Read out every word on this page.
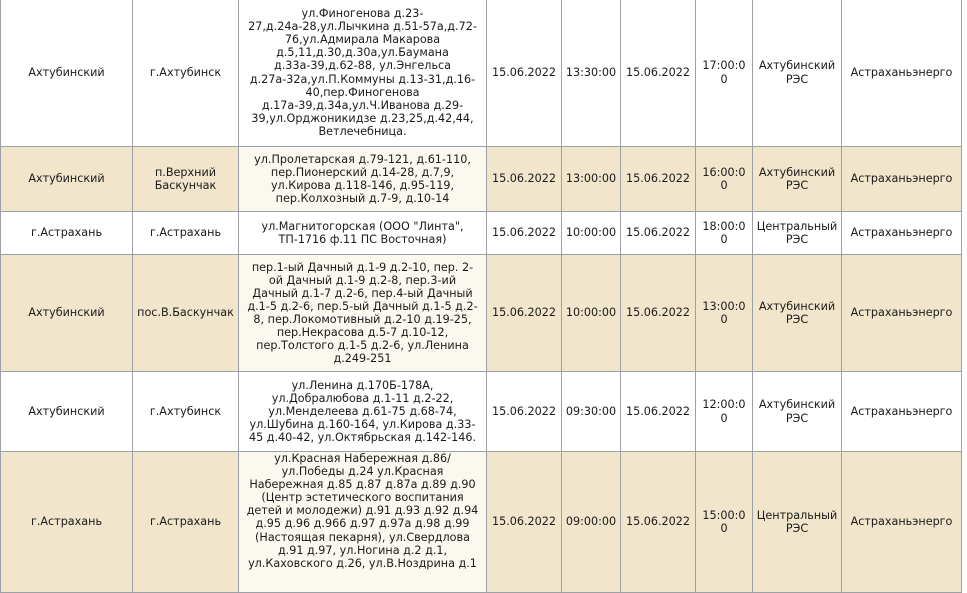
Ахтубинский	г.Ахтубинск	ул.Финогенова д.23-27,д.24а-28,ул.Лычкина д.51-57а,д.72-76,ул.Адмирала Макарова д.5,11,д.30,д.30а,ул.Баумана д.33а-39,д.62-88, ул.Энгельса д.27а-32а,ул.П.Коммуны д.13-31,д.16-40,пер.Финогенова д.17а-39,д.34а,ул.Ч.Иванова д.29-39,ул.Орджоникидзе д.23,25,д.42,44, Ветлечебница.	15.06.2022	13:30:00	15.06.2022	17:00:00	Ахтубинский РЭС	Астраханьэнерго
Ахтубинский	п.Верхний Баскунчак	ул.Пролетарская д.79-121, д.61-110, пер.Пионерский д.14-28, д.7,9, ул.Кирова д.118-146, д.95-119, пер.Колхозный д.7-9, д.10-14	15.06.2022	13:00:00	15.06.2022	16:00:00	Ахтубинский РЭС	Астраханьэнерго
г.Астрахань	г.Астрахань	ул.Магнитогорская (ООО "Линта", ТП-1716 ф.11 ПС Восточная)	15.06.2022	10:00:00	15.06.2022	18:00:00	Центральный РЭС	Астраханьэнерго
Ахтубинский	пос.В.Баскунчак	пер.1-ый Дачный д.1-9 д.2-10, пер. 2-ой Дачный д.1-9 д.2-8, пер.3-ий Дачный д.1-7 д.2-6, пер.4-ый Дачный д.1-5 д.2-6, пер.5-ый Дачный д.1-5 д.2-8, пер.Локомотивный д.2-10 д.19-25, пер.Некрасова д.5-7 д.10-12, пер.Толстого д.1-5 д.2-6, ул.Ленина д.249-251	15.06.2022	10:00:00	15.06.2022	13:00:00	Ахтубинский РЭС	Астраханьэнерго
Ахтубинский	г.Ахтубинск	ул.Ленина д.170Б-178А, ул.Добралюбова д.1-11 д.2-22, ул.Менделеева д.61-75 д.68-74, ул.Шубина д.160-164, ул.Кирова д.33-45 д.40-42, ул.Октябрьская д.142-146.	15.06.2022	09:30:00	15.06.2022	12:00:00	Ахтубинский РЭС	Астраханьэнерго
г.Астрахань	г.Астрахань	ул.Красная Набережная д.86/ ул.Победы д.24 ул.Красная Набережная д.85 д.87 д.87а д.89 д.90 (Центр эстетического воспитания детей и молодежи) д.91 д.93 д.92 д.94 д.95 д.96 д.966 д.97 д.97а д.98 д.99 (Настоящая пекарня), ул.Свердлова д.91 д.97, ул.Ногина д.2 д.1, ул.Каховского д.26, ул.В.Ноздрина д.1	15.06.2022	09:00:00	15.06.2022	15:00:00	Центральный РЭС	Астраханьэнерго
